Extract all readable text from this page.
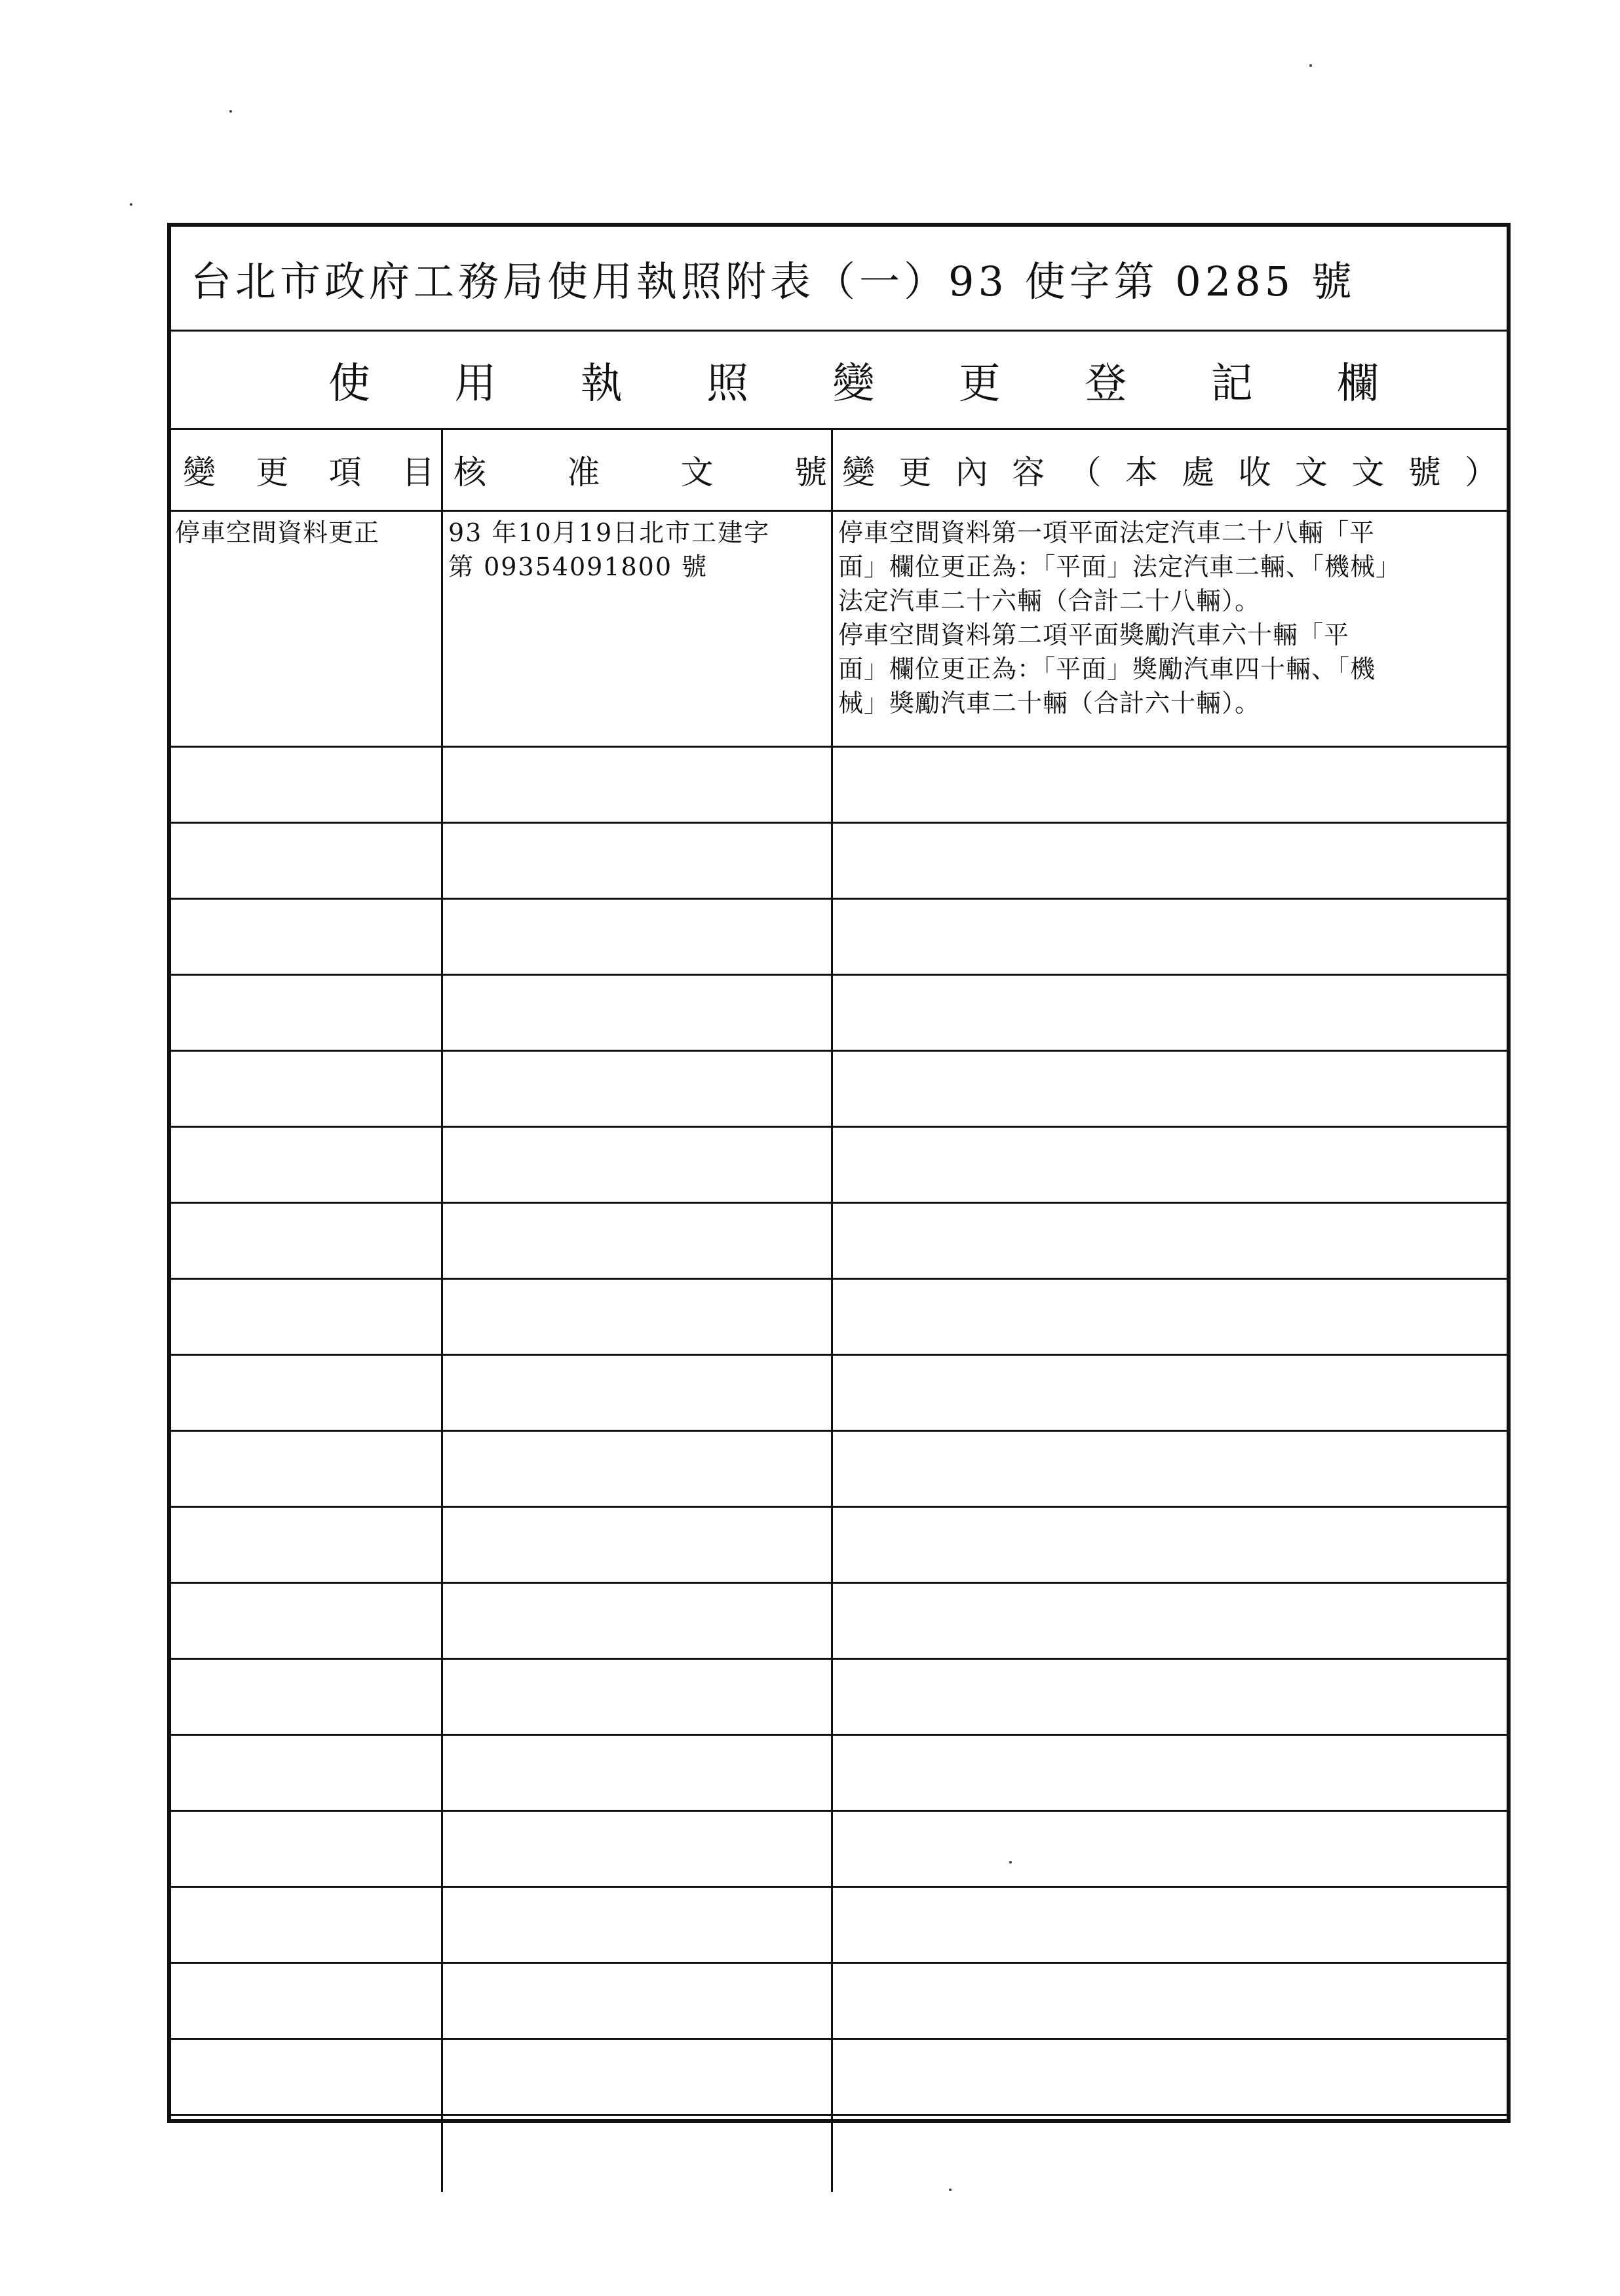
台北市政府工務局使用執照附表（一）93 使字第 0285 號
使 用 執 照 變 更 登 記 欄
變 更 項 目 核 准 文 號 變 更 內 容 （ 本 處 收 文 文 號 ）
停車空間資料更正	93 年10月19日北市工建字
第 09354091800 號
停車空間資料第一項平面法定汽車二十八輛「平
面」欄位更正為：「平面」法定汽車二輛、「機械」
法定汽車二十六輛（合計二十八輛）。
停車空間資料第二項平面獎勵汽車六十輛「平
面」欄位更正為：「平面」獎勵汽車四十輛、「機
械」獎勵汽車二十輛（合計六十輛）。
